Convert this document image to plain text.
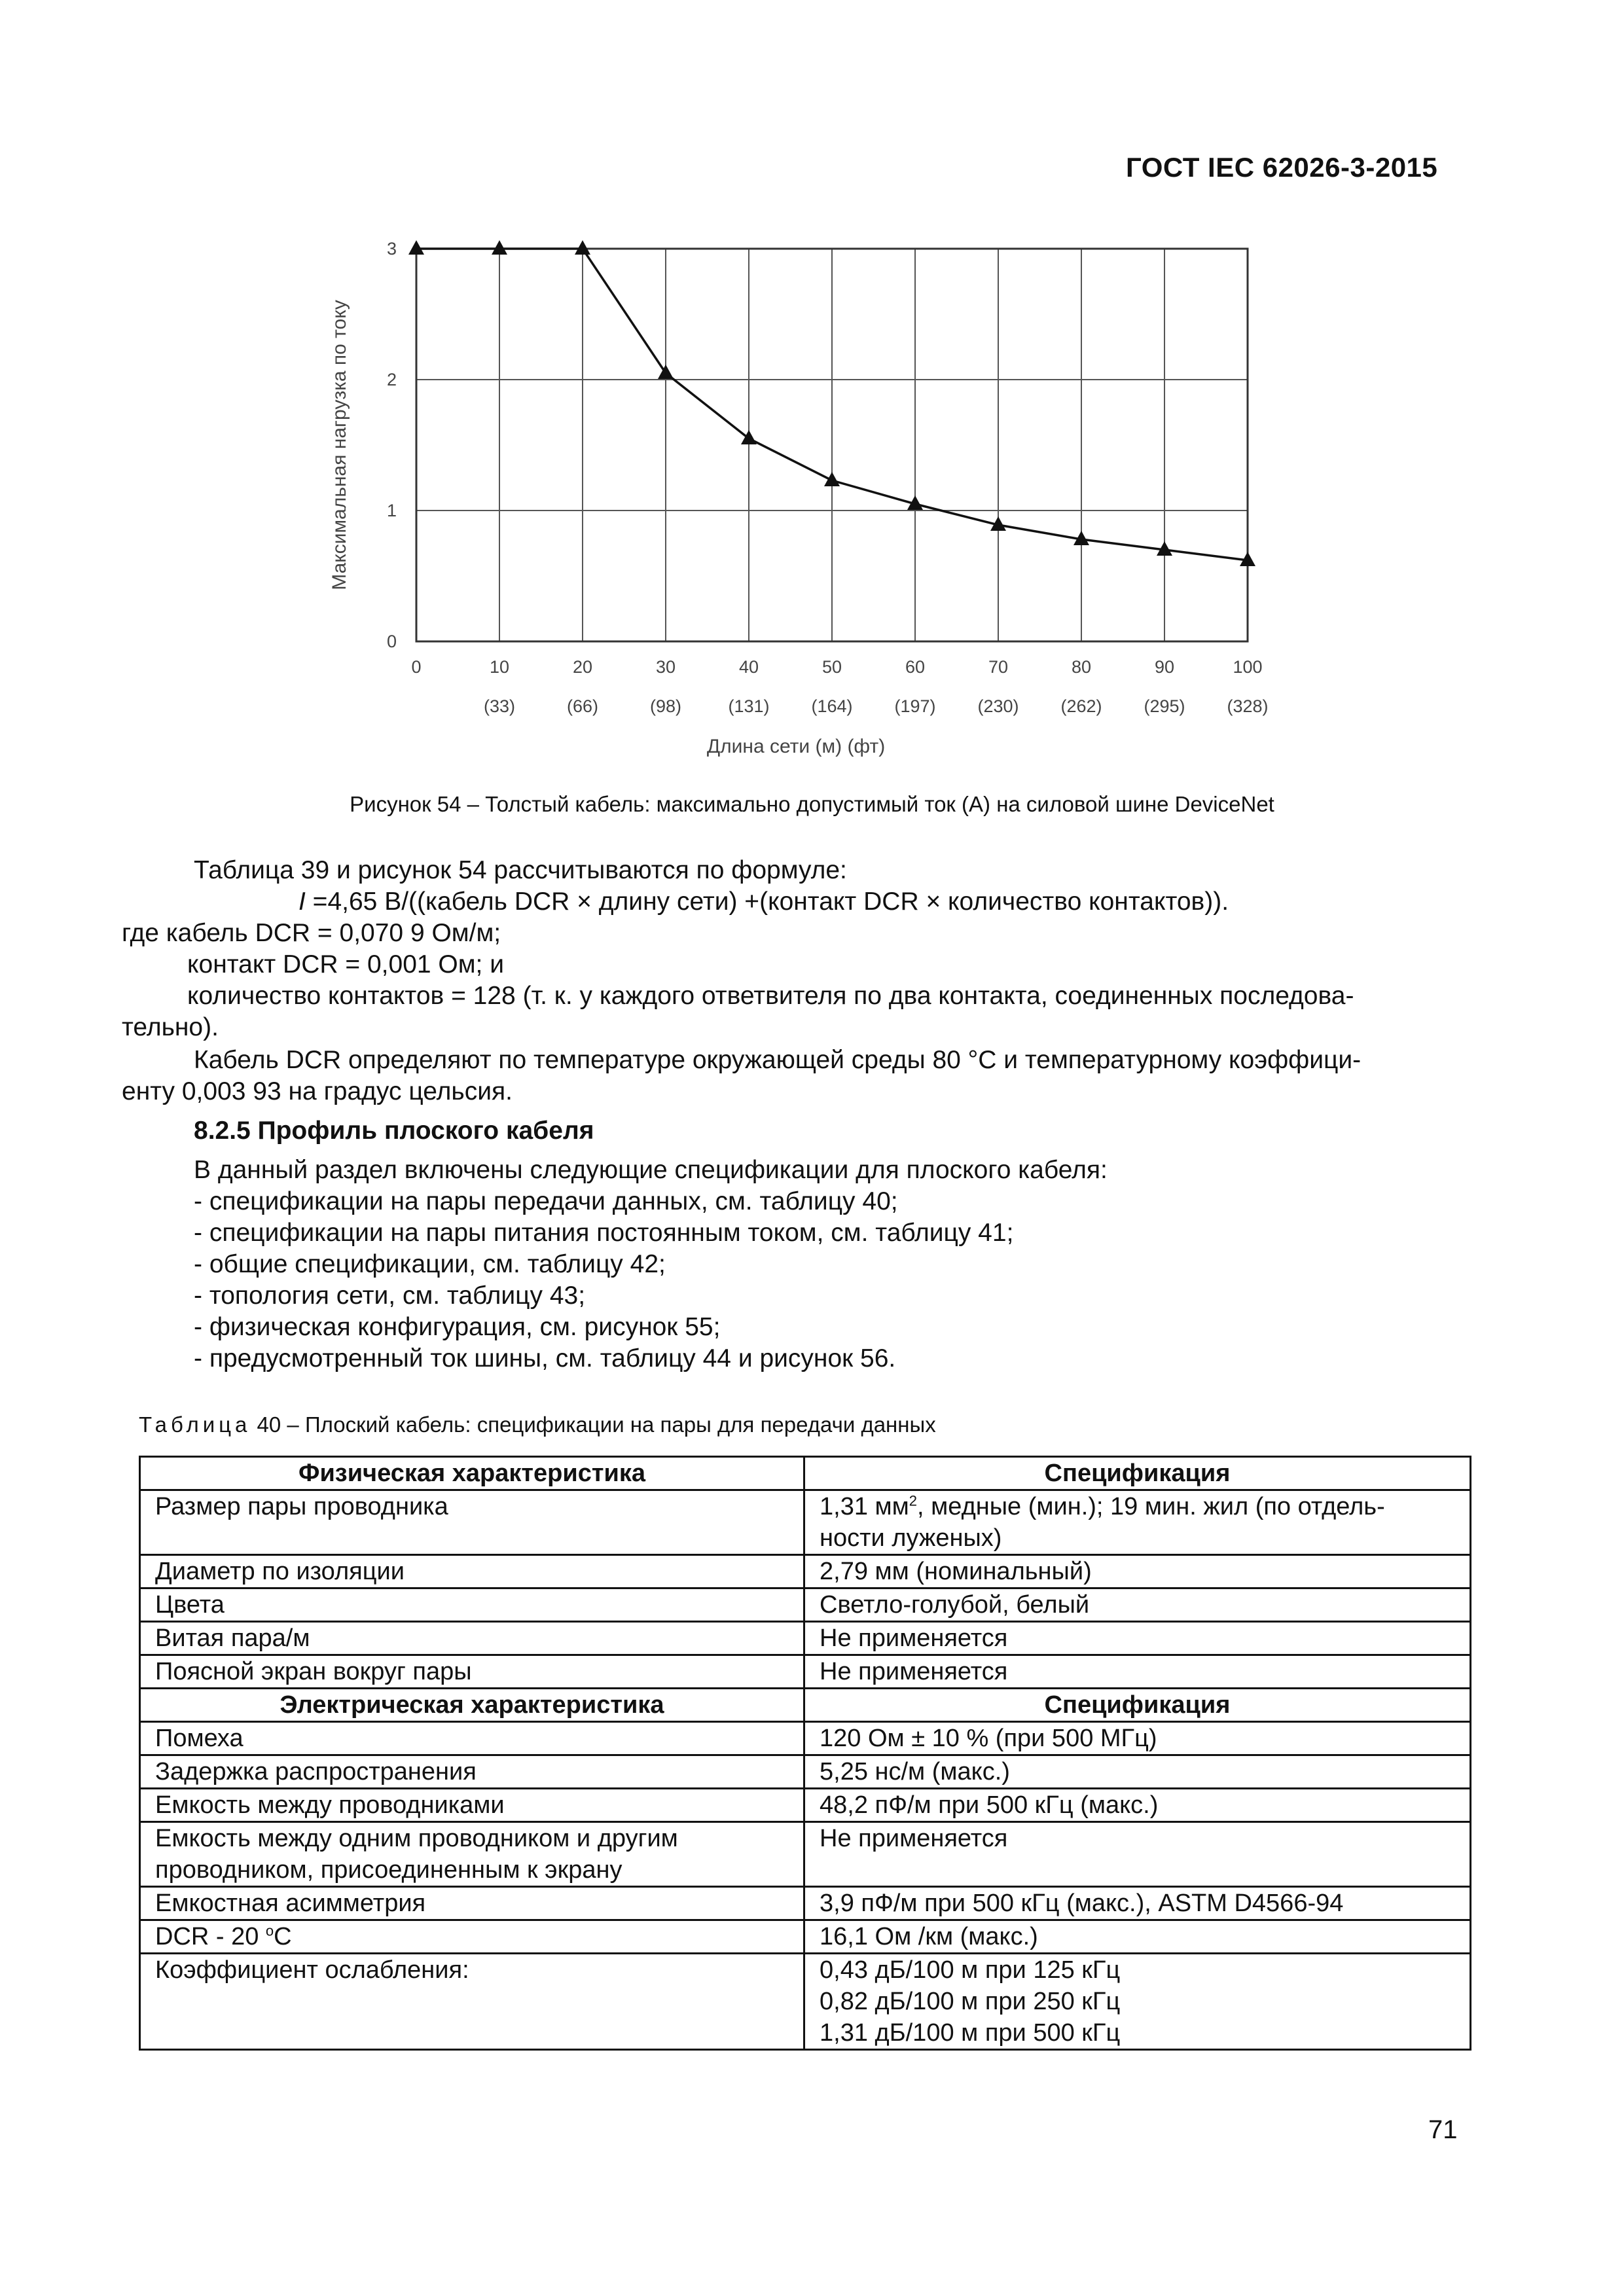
ГОСТ IEC 62026-3-2015
0
1
2
3
0	10	20	30	40	50	60	70	80	90	100
(33)	(66)	(98)	(131) (164) (197) (230) (262) (295) (328)
Максимальная нагрузка по току
Длина сети (м) (фт)
Рисунок 54 – Толстый кабель: максимально допустимый ток (А) на силовой шине DeviceNet
Таблица 39 и рисунок 54 рассчитываются по формуле:
I =4,65 В/((кабель DCR × длину сети) +(контакт DCR × количество контактов)).
где кабель DCR = 0,070 9 Ом/м;
контакт DCR = 0,001 Ом; и
количество контактов = 128 (т. к. у каждого ответвителя по два контакта, соединенных последова-
тельно).
Кабель DCR определяют по температуре окружающей среды 80 °C и температурному коэффици-
енту 0,003 93 на градус цельсия.
8.2.5 Профиль плоского кабеля
В данный раздел включены следующие спецификации для плоского кабеля:
- спецификации на пары передачи данных, см. таблицу 40;
- спецификации на пары питания постоянным током, см. таблицу 41;
- общие спецификации, см. таблицу 42;
- топология сети, см. таблицу 43;
- физическая конфигурация, см. рисунок 55;
- предусмотренный ток шины, см. таблицу 44 и рисунок 56.
Таблица 40 – Плоский кабель: спецификации на пары для передачи данных
Физическая характеристика	Спецификация
Размер пары проводника	1,31 $мм^2$, медные (мин.); 19 мин. жил (по отдель-
ности луженых)
Диаметр по изоляции	2,79 мм (номинальный)
Цвета	Светло-голубой, белый
Витая пара/м	Не применяется
Поясной экран вокруг пары	Не применяется
Электрическая характеристика	Спецификация
Помеха	120 Ом ± 10 % (при 500 МГц)
Задержка распространения	5,25 нс/м (макс.)
Емкость между проводниками	48,2 пФ/м при 500 кГц (макс.)
Емкость между одним проводником и другим
проводником, присоединенным к экрану	Не применяется
Емкостная асимметрия	3,9 пФ/м при 500 кГц (макс.), ASTM D4566-94
DCR - 20 $^o$C	16,1 Ом /км (макс.)
Коэффициент ослабления:	0,43 дБ/100 м при 125 кГц
0,82 дБ/100 м при 250 кГц
1,31 дБ/100 м при 500 кГц
71
